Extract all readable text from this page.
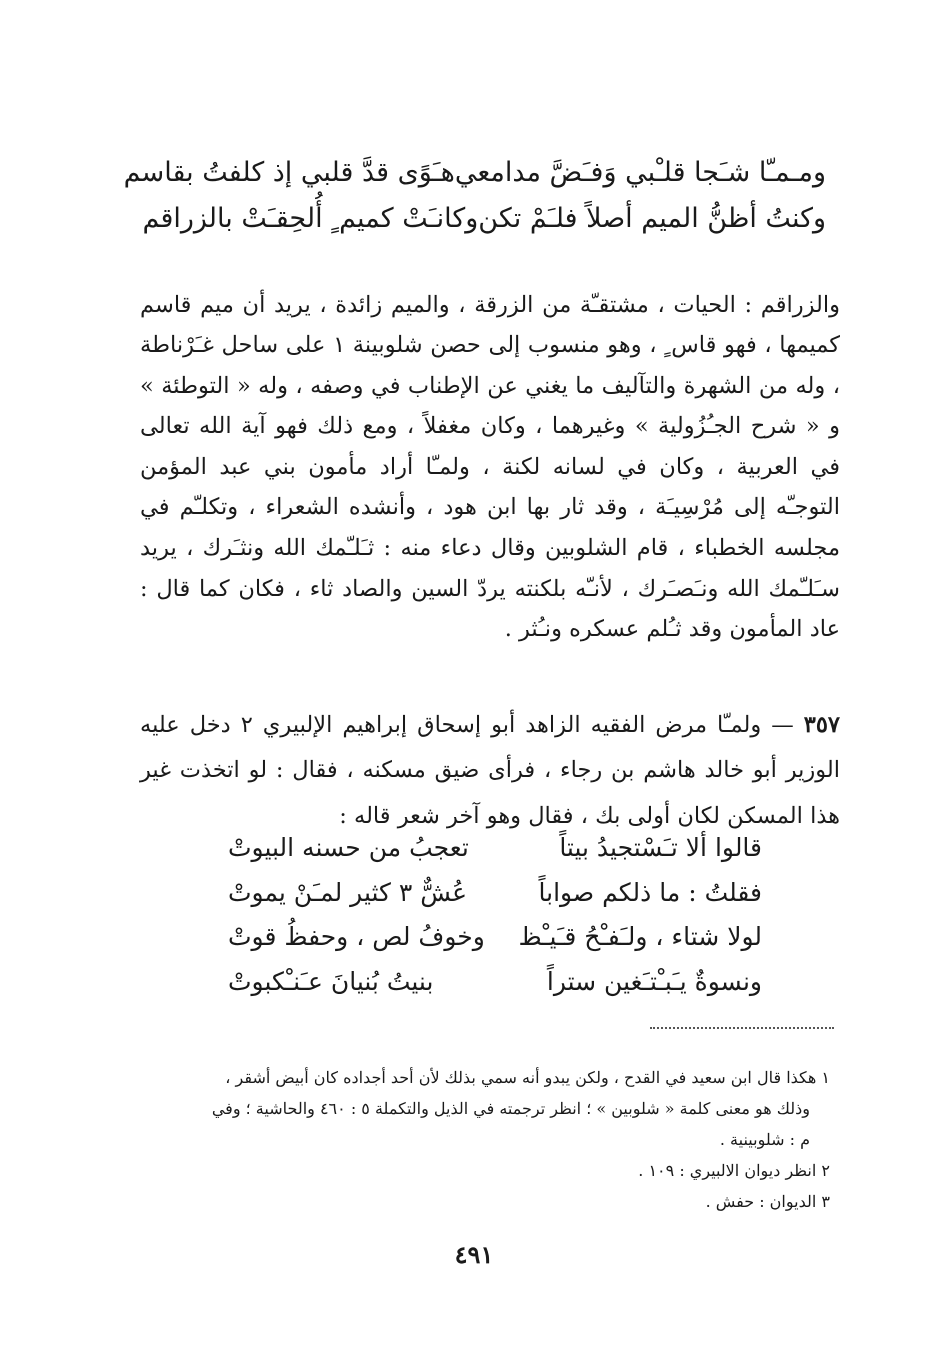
ومـمـّا شـَجا قلـْبي وَفـَضَّ مدامعي
هـَوًى قدَّ قلبي إذ كلفتُ بقاسم
وكنتُ أظنُّ الميم أصلاً فلـَمْ تكن
وكانـَتْ كميم ٍ أُلحِقـَتْ بالزراقم

والزراقم : الحيات ، مشتقـّة من الزرقة ، والميم زائدة ، يريد أن ميم قاسم كميمها ، فهو قاس ٍ ، وهو منسوب إلى حصن شلوبينة ١ على ساحل غـَرْناطة ، وله من الشهرة والتآليف ما يغني عن الإطناب في وصفه ، وله « التوطئة » و « شرح الجـُزُولية » وغيرهما ، وكان مغفلاً ، ومع ذلك فهو آية الله تعالى في العربية ، وكان في لسانه لكنة ، ولمـّا أراد مأمون بني عبد المؤمن التوجـّه إلى مُرْسِيـَة ، وقد ثار بها ابن هود ، وأنشده الشعراء ، وتكلـّم في مجلسه الخطباء ، قام الشلوبين وقال دعاء منه : ثـَلـّمك الله ونثـَرك ، يريد سـَلـّمك الله ونـَصـَرك ، لأنـّه بلكنته يردّ السين والصاد ثاء ، فكان كما قال : عاد المأمون وقد ثـُلم عسكره ونـُثر .

٣٥٧ — ولمـّا مرض الفقيه الزاهد أبو إسحاق إبراهيم الإلبيري ٢ دخل عليه الوزير أبو خالد هاشم بن رجاء ، فرأى ضيق مسكنه ، فقال : لو اتخذت غير هذا المسكن لكان أولى بك ، فقال وهو آخر شعر قاله :

قالوا ألا تـَسْتجيدُ بيتاً
تعجبُ من حسنه البيوتْ
فقلتُ : ما ذلكم صواباً
عُشٌّ ٣ كثير لمـَنْ يموتْ
لولا شتاء ، ولـَفـْحُ قـَيـْظ
وخوفُ لص ، وحفظُ قوتْ
ونسوةٌ يـَبـْتـَغين ستراً
بنيتُ بُنيانَ عـَنـْكبوتْ
١ هكذا قال ابن سعيد في القدح ، ولكن يبدو أنه سمي بذلك لأن أحد أجداده كان أبيض أشقر ،
وذلك هو معنى كلمة « شلوبين » ؛ انظر ترجمته في الذيل والتكملة ٥ : ٤٦٠ والحاشية ؛ وفي
م : شلوبينية .
٢ انظر ديوان الالبيري : ١٠٩ .
٣ الديوان : حفش .
٤٩١
